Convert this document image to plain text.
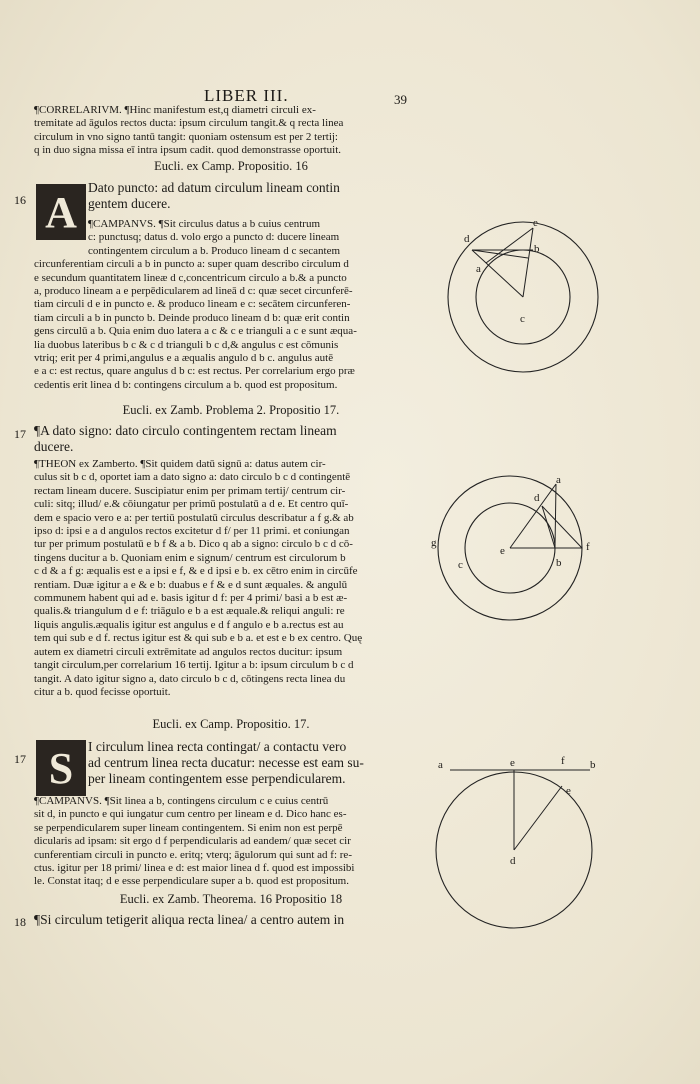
LIBER III.	39
¶CORRELARIVM. ¶Hinc manifestum est,q diametri circuli ex-
tremitate ad āgulos rectos ducta: ipsum circulum tangit.& q recta linea
circulum in vno signo tantū tangit: quoniam ostensum est per 2 tertij:
q in duo signa missa eī intra ipsum cadit. quod demonstrasse oportuit.
Eucli. ex Camp. Propositio. 16
16 A Dato puncto: ad datum circulum lineam contin
gentem ducere.
¶CAMPANVS. ¶Sit circulus datus a b cuius centrum
c: punctusq; datus d. volo ergo a puncto d: ducere lineam
contingentem circulum a b. Produco lineam d c secantem
circunferentiam circuli a b in puncto a: super quam describo circulum d
e secundum quantitatem lineæ d c,concentricum circulo a b.& a puncto
a, produco lineam a e perpēdicularem ad lineā d c: quæ secet circunferē-
tiam circuli d e in puncto e. & produco lineam e c: secātem circunferen-
tiam circuli a b in puncto b. Deinde produco lineam d b: quæ erit contin
gens circulū a b. Quia enim duo latera a c & c e trianguli a c e sunt æqua-
lia duobus lateribus b c & c d trianguli b c d,& angulus c est cōmunis
vtriq; erit per 4 primi,angulus e a æqualis angulo d b c. angulus autē
e a c: est rectus, quare angulus d b c: est rectus. Per correlarium ergo præ
cedentis erit linea d b: contingens circulum a b. quod est propositum.
Eucli. ex Zamb. Problema 2. Propositio 17.
17 ¶A dato signo: dato circulo contingentem rectam lineam
ducere.
¶THEON ex Zamberto. ¶Sit quidem datū signū a: datus autem cir-
culus sit b c d, oportet iam a dato signo a: dato circulo b c d contingentē
rectam lineam ducere. Suscipiatur enim per primam tertij/ centrum cir-
culi: sitq; illud/ e.& cōiungatur per primū postulatū a d e. Et centro quī-
dem e spacio vero e a: per tertiū postulatū circulus describatur a f g.& ab
ipso d: ipsi e a d angulos rectos excitetur d f/ per 11 primi. et coniungan
tur per primum postulatū e b f & a b. Dico q ab a signo: circulo b c d cō-
tingens ducitur a b. Quoniam enim e signum/ centrum est circulorum b
c d & a f g: æqualis est e a ipsi e f, & e d ipsi e b. ex cētro enim in circūfe
rentiam. Duæ igitur a e & e b: duabus e f & e d sunt æquales. & angulū
communem habent qui ad e. basis igitur d f: per 4 primi/ basi a b est æ-
qualis.& triangulum d e f: triāgulo e b a est æquale.& reliqui anguli: re
liquis angulis.æqualis igitur est angulus e d f angulo e b a.rectus est au
tem qui sub e d f. rectus igitur est & qui sub e b a. et est e b ex centro. Quę
autem ex diametri circuli extrēmitate ad angulos rectos ducitur: ipsum
tangit circulum,per correlarium 16 tertij. Igitur a b: ipsum circulum b c d
tangit. A dato igitur signo a, dato circulo b c d, cōtingens recta linea du
citur a b. quod fecisse oportuit.
Eucli. ex Camp. Propositio. 17.
17 S	I circulum linea recta contingat/ a contactu vero
ad centrum linea recta ducatur: necesse est eam su-
per lineam contingentem esse perpendicularem.
¶CAMPANVS. ¶Sit linea a b, contingens circulum c e cuius centrū
sit d, in puncto e qui iungatur cum centro per lineam e d. Dico hanc es-
se perpendicularem super lineam contingentem. Si enim non est perpē
dicularis ad ipsam: sit ergo d f perpendicularis ad eandem/ quæ secet cir
cunferentiam circuli in puncto e. eritq; vterq; āgulorum qui sunt ad f: re-
ctus. igitur per 18 primi/ linea e d: est maior linea d f. quod est impossibi
le. Constat itaq; d e esse perpendiculare super a b. quod est propositum.
Eucli. ex Zamb. Theorema. 16 Propositio 18
18 ¶Si circulum tetigerit aliqua recta linea/ a centro autem in
d
e
a
b
c
a
d
g
e	f
c	b
a	e	f b
e
d
